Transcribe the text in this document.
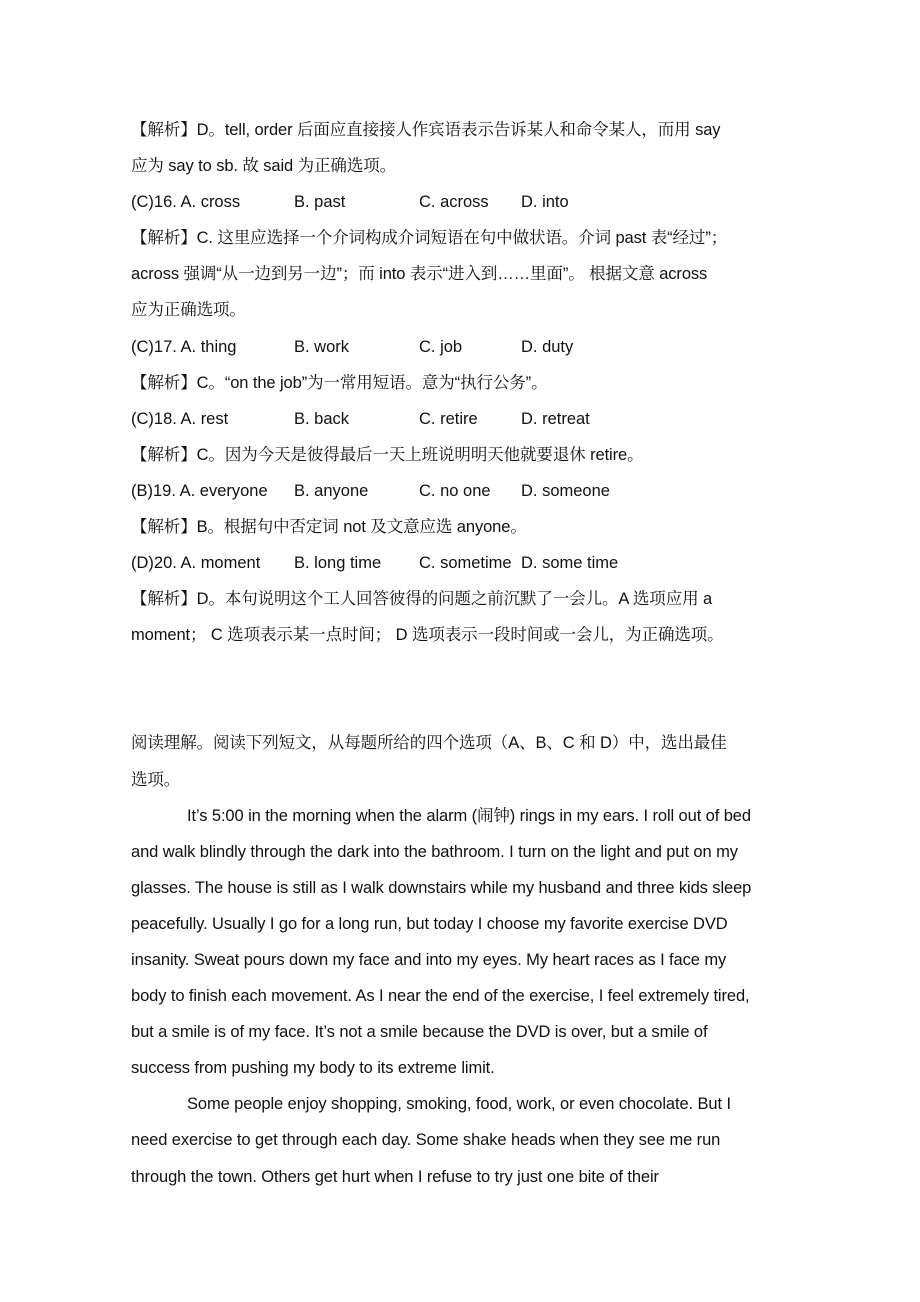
【解析】D。tell, order 后面应直接接人作宾语表示告诉某人和命令某人，而用 say
应为 say to sb. 故 said 为正确选项。
(C)16. A. cross	B. past	C. across D. into
【解析】C. 这里应选择一个介词构成介词短语在句中做状语。介词 past 表“经过”；
across 强调“从一边到另一边”；而 into 表示“进入到……里面”。 根据文意 across
应为正确选项。
(C)17. A. thing	B. work	C. job	D. duty
【解析】C。“on the job”为一常用短语。意为“执行公务”。
(C)18. A. rest	B. back	C. retire	D. retreat
【解析】C。因为今天是彼得最后一天上班说明明天他就要退休 retire。
(B)19. A. everyone B. anyone	C. no one D. someone
【解析】B。根据句中否定词 not 及文意应选 anyone。
(D)20. A. moment B. long time C. sometime D. some time
【解析】D。本句说明这个工人回答彼得的问题之前沉默了一会儿。A 选项应用 a
moment； C 选项表示某一点时间； D 选项表示一段时间或一会儿，为正确选项。
阅读理解。阅读下列短文，从每题所给的四个选项（A、B、C 和 D）中，选出最佳
选项。
It’s 5:00 in the morning when the alarm (闹钟) rings in my ears. I roll out of bed
and walk blindly through the dark into the bathroom. I turn on the light and put on my
glasses. The house is still as I walk downstairs while my husband and three kids sleep
peacefully. Usually I go for a long run, but today I choose my favorite exercise DVD
insanity. Sweat pours down my face and into my eyes. My heart races as I face my
body to finish each movement. As I near the end of the exercise, I feel extremely tired,
but a smile is of my face. It’s not a smile because the DVD is over, but a smile of
success from pushing my body to its extreme limit.
Some people enjoy shopping, smoking, food, work, or even chocolate. But I
need exercise to get through each day. Some shake heads when they see me run
through the town. Others get hurt when I refuse to try just one bite of their
